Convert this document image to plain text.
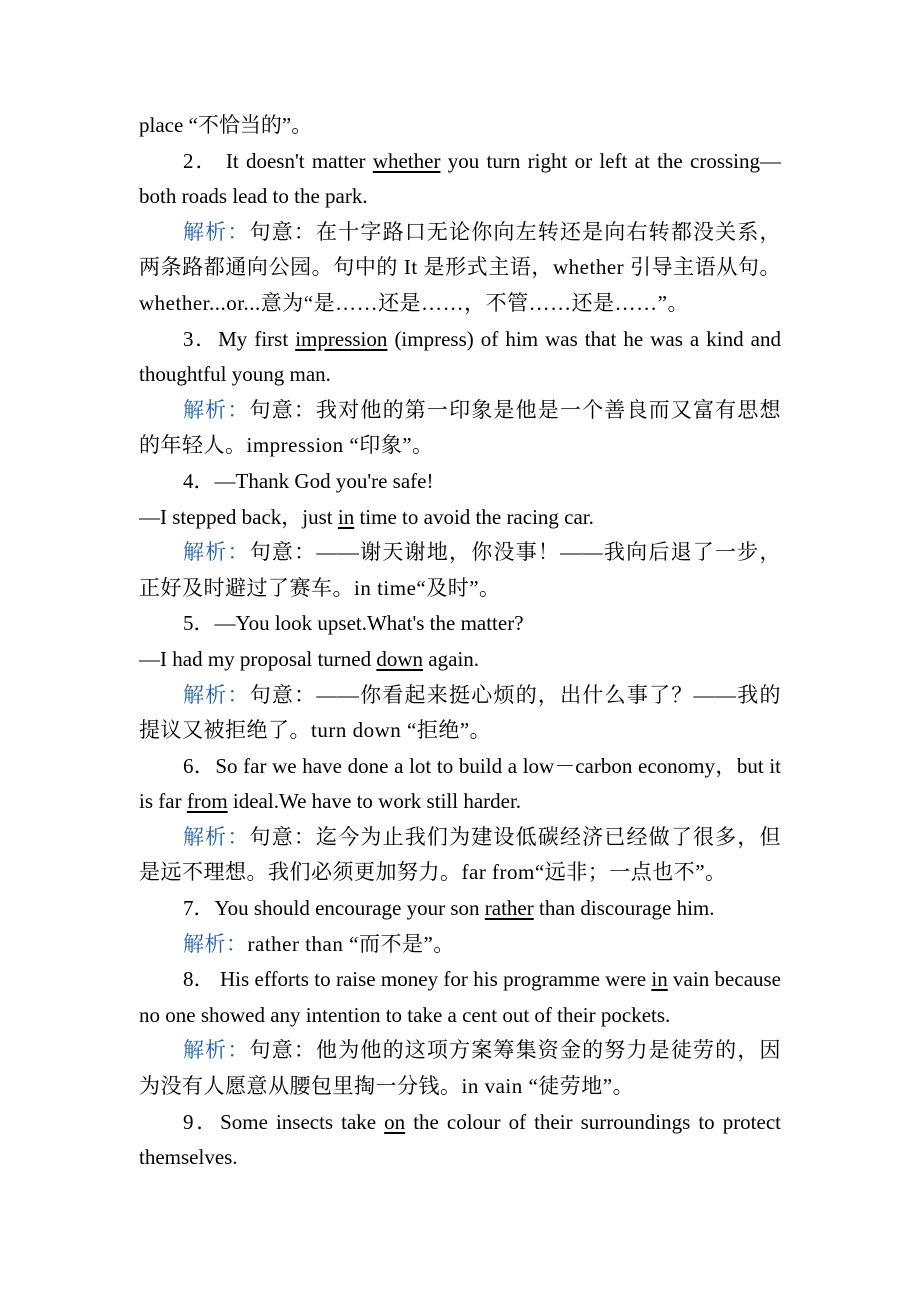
place “不恰当的”。

2． It doesn't matter whether you turn right or left at the crossing—both roads lead to the park.

解析：句意：在十字路口无论你向左转还是向右转都没关系，两条路都通向公园。句中的 It 是形式主语，whether 引导主语从句。whether...or...意为“是……还是……，不管……还是……”。

3．My first impression (impress) of him was that he was a kind and thoughtful young man.

解析：句意：我对他的第一印象是他是一个善良而又富有思想的年轻人。impression “印象”。

4．—Thank God you're safe!

—I stepped back，just in time to avoid the racing car.

解析：句意：——谢天谢地，你没事！——我向后退了一步，正好及时避过了赛车。in time“及时”。

5．—You look upset.What's the matter?

—I had my proposal turned down again.

解析：句意：——你看起来挺心烦的，出什么事了？——我的提议又被拒绝了。turn down “拒绝”。

6．So far we have done a lot to build a low－carbon economy，but it is far from ideal.We have to work still harder.

解析：句意：迄今为止我们为建设低碳经济已经做了很多，但是远不理想。我们必须更加努力。far from“远非；一点也不”。

7．You should encourage your son rather than discourage him.

解析：rather than “而不是”。

8． His efforts to raise money for his programme were in vain because no one showed any intention to take a cent out of their pockets.

解析：句意：他为他的这项方案筹集资金的努力是徒劳的，因为没有人愿意从腰包里掏一分钱。in vain “徒劳地”。

9．Some insects take on the colour of their surroundings to protect themselves.
